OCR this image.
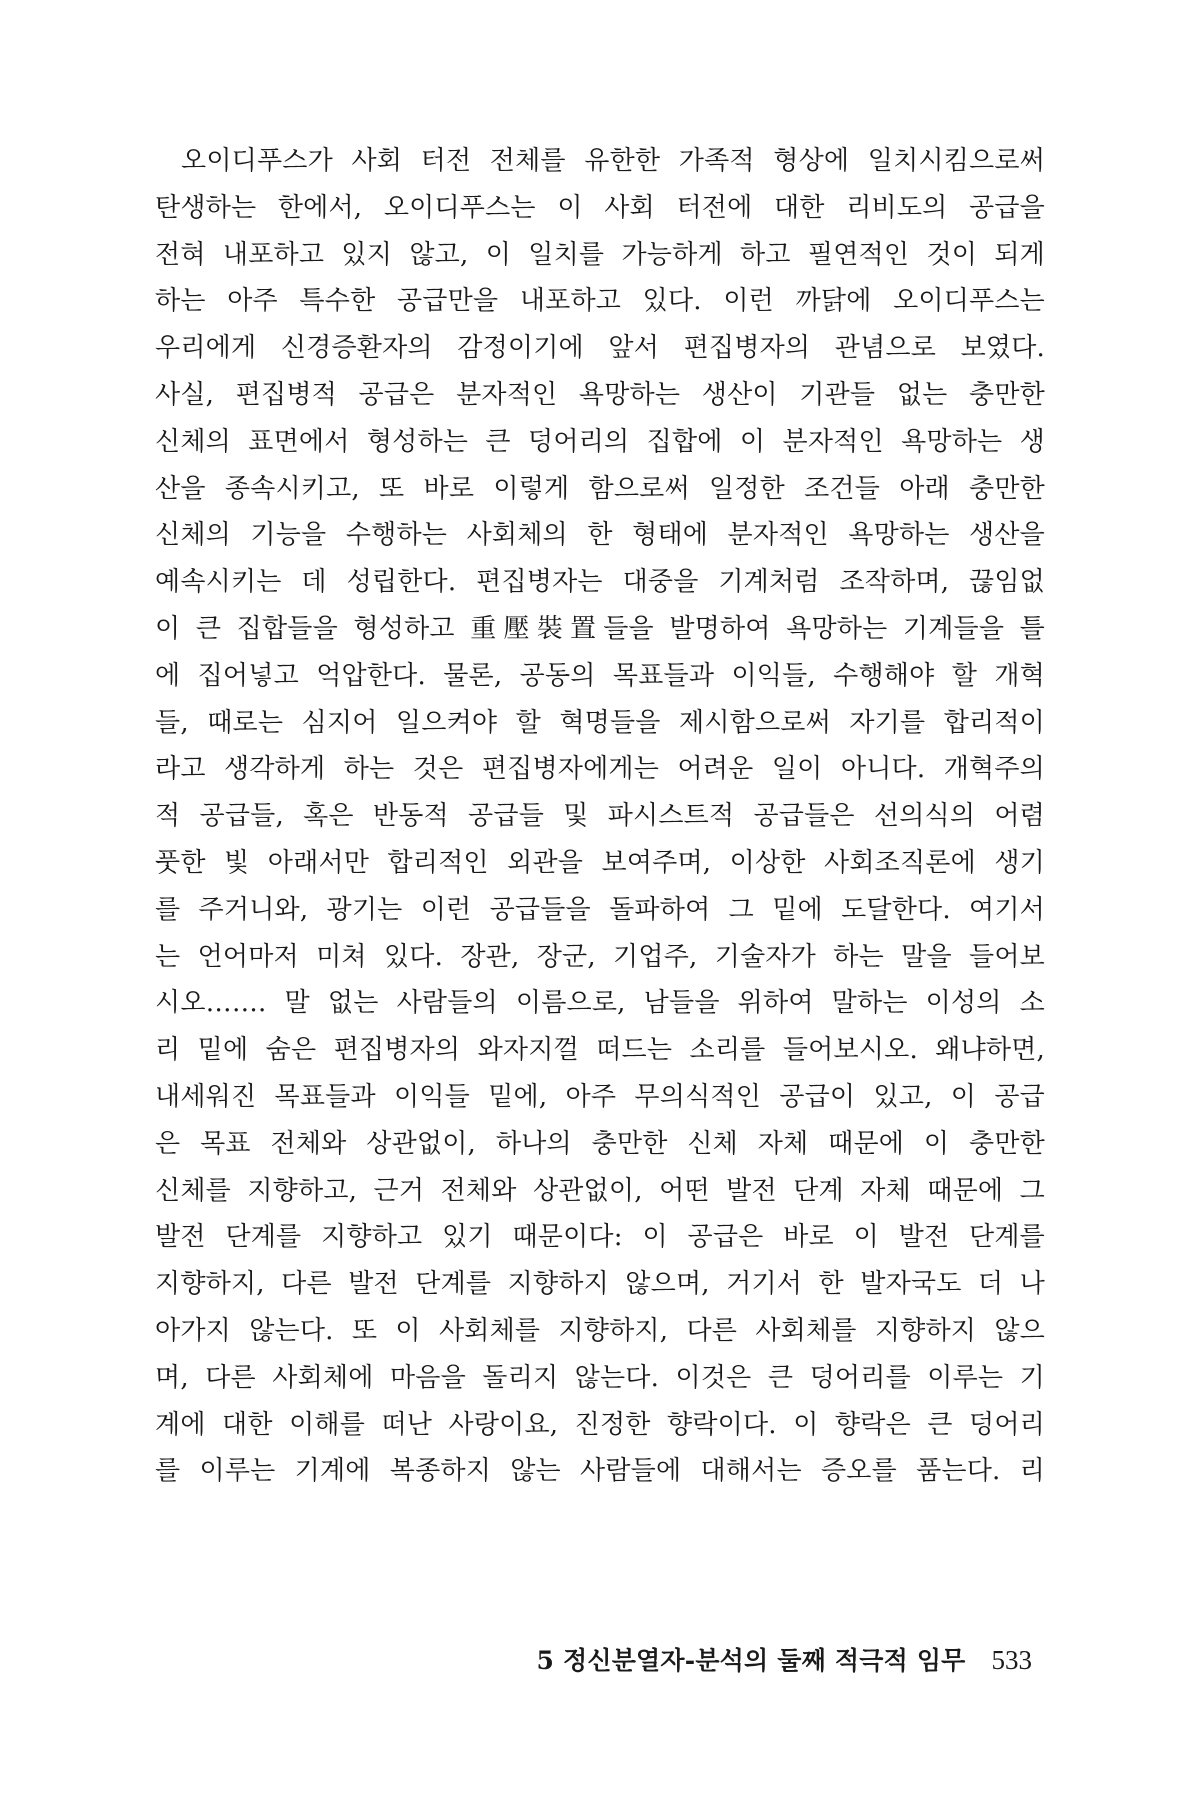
오이디푸스가 사회 터전 전체를 유한한 가족적 형상에 일치시킴으로써
탄생하는 한에서, 오이디푸스는 이 사회 터전에 대한 리비도의 공급을
전혀 내포하고 있지 않고, 이 일치를 가능하게 하고 필연적인 것이 되게
하는 아주 특수한 공급만을 내포하고 있다. 이런 까닭에 오이디푸스는
우리에게 신경증환자의 감정이기에 앞서 편집병자의 관념으로 보였다.
사실, 편집병적 공급은 분자적인 욕망하는 생산이 기관들 없는 충만한
신체의 표면에서 형성하는 큰 덩어리의 집합에 이 분자적인 욕망하는 생
산을 종속시키고, 또 바로 이렇게 함으로써 일정한 조건들 아래 충만한
신체의 기능을 수행하는 사회체의 한 형태에 분자적인 욕망하는 생산을
예속시키는 데 성립한다. 편집병자는 대중을 기계처럼 조작하며, 끊임없
이 큰 집합들을 형성하고 重壓裝置들을 발명하여 욕망하는 기계들을 틀
에 집어넣고 억압한다. 물론, 공동의 목표들과 이익들, 수행해야 할 개혁
들, 때로는 심지어 일으켜야 할 혁명들을 제시함으로써 자기를 합리적이
라고 생각하게 하는 것은 편집병자에게는 어려운 일이 아니다. 개혁주의
적 공급들, 혹은 반동적 공급들 및 파시스트적 공급들은 선의식의 어렴
풋한 빛 아래서만 합리적인 외관을 보여주며, 이상한 사회조직론에 생기
를 주거니와, 광기는 이런 공급들을 돌파하여 그 밑에 도달한다. 여기서
는 언어마저 미쳐 있다. 장관, 장군, 기업주, 기술자가 하는 말을 들어보
시오……. 말 없는 사람들의 이름으로, 남들을 위하여 말하는 이성의 소
리 밑에 숨은 편집병자의 와자지껄 떠드는 소리를 들어보시오. 왜냐하면,
내세워진 목표들과 이익들 밑에, 아주 무의식적인 공급이 있고, 이 공급
은 목표 전체와 상관없이, 하나의 충만한 신체 자체 때문에 이 충만한
신체를 지향하고, 근거 전체와 상관없이, 어떤 발전 단계 자체 때문에 그
발전 단계를 지향하고 있기 때문이다: 이 공급은 바로 이 발전 단계를
지향하지, 다른 발전 단계를 지향하지 않으며, 거기서 한 발자국도 더 나
아가지 않는다. 또 이 사회체를 지향하지, 다른 사회체를 지향하지 않으
며, 다른 사회체에 마음을 돌리지 않는다. 이것은 큰 덩어리를 이루는 기
계에 대한 이해를 떠난 사랑이요, 진정한 향락이다. 이 향락은 큰 덩어리
를 이루는 기계에 복종하지 않는 사람들에 대해서는 증오를 품는다. 리
5 정신분열자-분석의 둘째 적극적 임무 533
